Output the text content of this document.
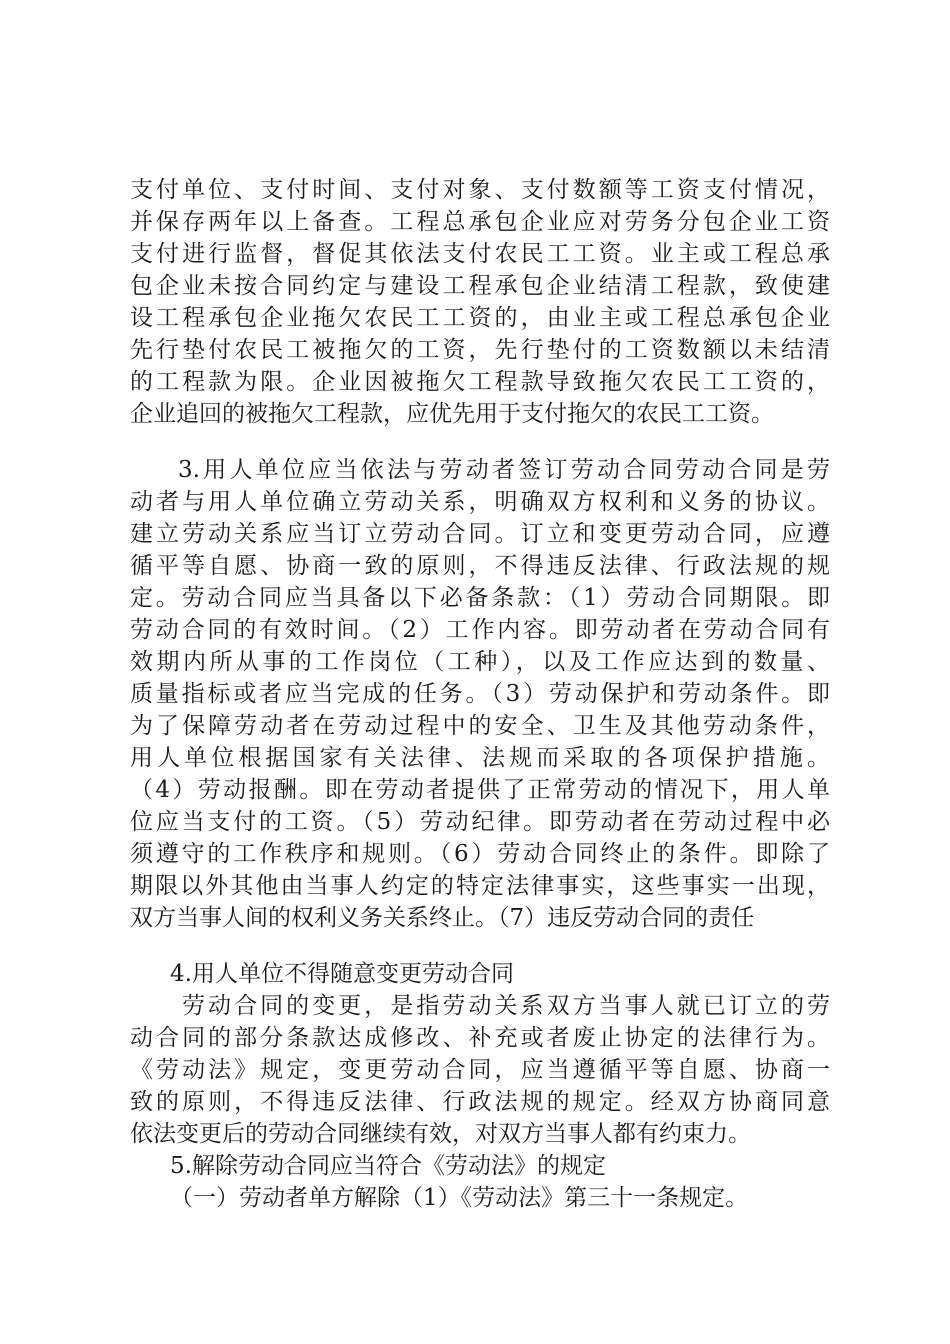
支付单位、支付时间、支付对象、支付数额等工资支付情况，

并保存两年以上备查。工程总承包企业应对劳务分包企业工资

支付进行监督，督促其依法支付农民工工资。业主或工程总承

包企业未按合同约定与建设工程承包企业结清工程款，致使建

设工程承包企业拖欠农民工工资的，由业主或工程总承包企业

先行垫付农民工被拖欠的工资，先行垫付的工资数额以未结清

的工程款为限。企业因被拖欠工程款导致拖欠农民工工资的，

企业追回的被拖欠工程款，应优先用于支付拖欠的农民工工资。

3.用人单位应当依法与劳动者签订劳动合同劳动合同是劳

动者与用人单位确立劳动关系，明确双方权利和义务的协议。

建立劳动关系应当订立劳动合同。订立和变更劳动合同，应遵

循平等自愿、协商一致的原则，不得违反法律、行政法规的规

定。劳动合同应当具备以下必备条款：（1）劳动合同期限。即

劳动合同的有效时间。（2）工作内容。即劳动者在劳动合同有

效期内所从事的工作岗位（工种），以及工作应达到的数量、

质量指标或者应当完成的任务。（3）劳动保护和劳动条件。即

为了保障劳动者在劳动过程中的安全、卫生及其他劳动条件，

用人单位根据国家有关法律、法规而采取的各项保护措施。

（4）劳动报酬。即在劳动者提供了正常劳动的情况下，用人单

位应当支付的工资。（5）劳动纪律。即劳动者在劳动过程中必

须遵守的工作秩序和规则。（6）劳动合同终止的条件。即除了

期限以外其他由当事人约定的特定法律事实，这些事实一出现，

双方当事人间的权利义务关系终止。（7）违反劳动合同的责任

4.用人单位不得随意变更劳动合同

劳动合同的变更，是指劳动关系双方当事人就已订立的劳

动合同的部分条款达成修改、补充或者废止协定的法律行为。

《劳动法》规定，变更劳动合同，应当遵循平等自愿、协商一

致的原则，不得违反法律、行政法规的规定。经双方协商同意

依法变更后的劳动合同继续有效，对双方当事人都有约束力。

5.解除劳动合同应当符合《劳动法》的规定

（一）劳动者单方解除（1）《劳动法》第三十一条规定。
